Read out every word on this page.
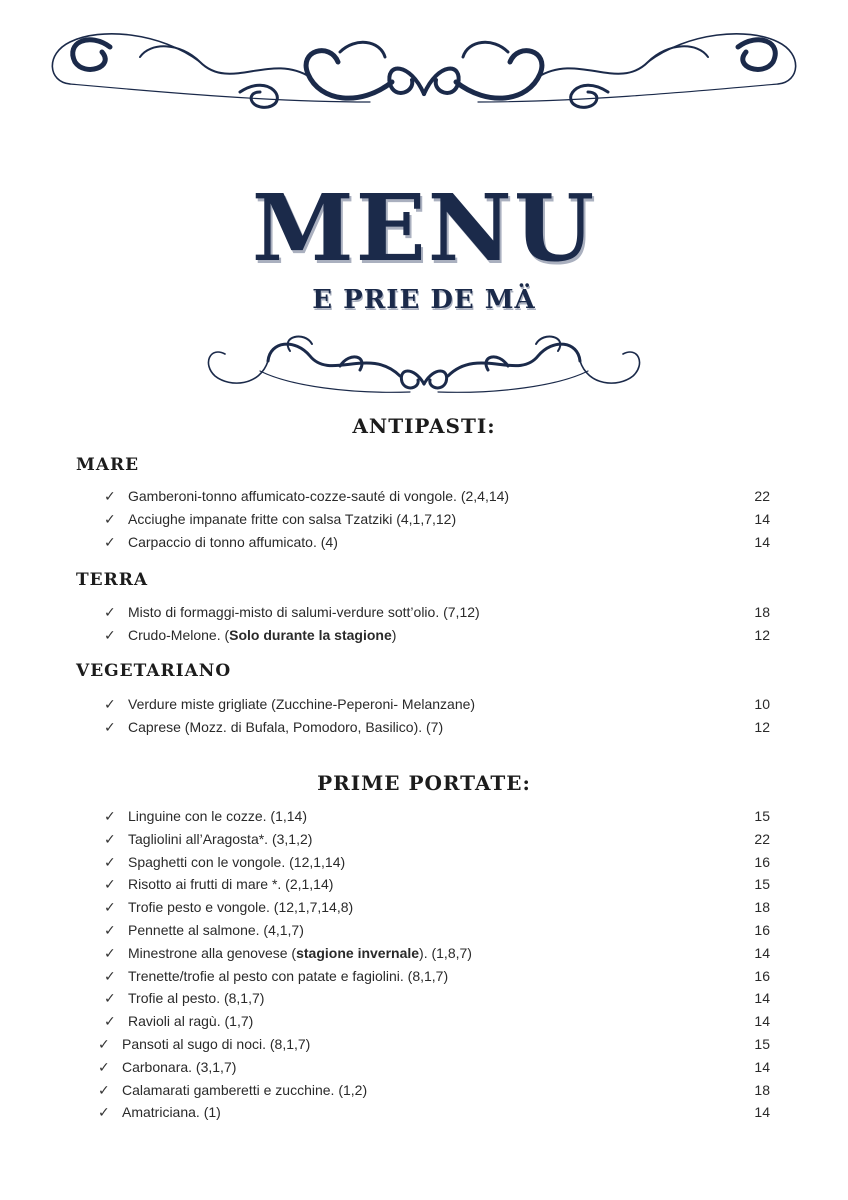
MENU
E PRIE DE MÄ
ANTIPASTI:
MARE
✓ Gamberoni-tonno affumicato-cozze-sauté di vongole. (2,4,14)	22
✓ Acciughe impanate fritte con salsa Tzatziki (4,1,7,12)	14
✓ Carpaccio di tonno affumicato. (4)	14
TERRA
✓ Misto di formaggi-misto di salumi-verdure sott’olio. (7,12)	18
✓ Crudo-Melone. (Solo durante la stagione)	12
VEGETARIANO
✓ Verdure miste grigliate (Zucchine-Peperoni- Melanzane)	10
✓ Caprese (Mozz. di Bufala, Pomodoro, Basilico). (7)	12
PRIME PORTATE:
✓ Linguine con le cozze. (1,14)	15
✓ Tagliolini all’Aragosta*. (3,1,2)	22
✓ Spaghetti con le vongole. (12,1,14)	16
✓ Risotto ai frutti di mare *. (2,1,14)	15
✓ Trofie pesto e vongole. (12,1,7,14,8)	18
✓ Pennette al salmone. (4,1,7)	16
✓ Minestrone alla genovese (stagione invernale). (1,8,7)	14
✓ Trenette/trofie al pesto con patate e fagiolini. (8,1,7)	16
✓ Trofie al pesto. (8,1,7)	14
✓ Ravioli al ragù. (1,7)	14
✓ Pansoti al sugo di noci. (8,1,7)	15
✓ Carbonara. (3,1,7)	14
✓ Calamarati gamberetti e zucchine. (1,2)	18
✓ Amatriciana. (1)	14
